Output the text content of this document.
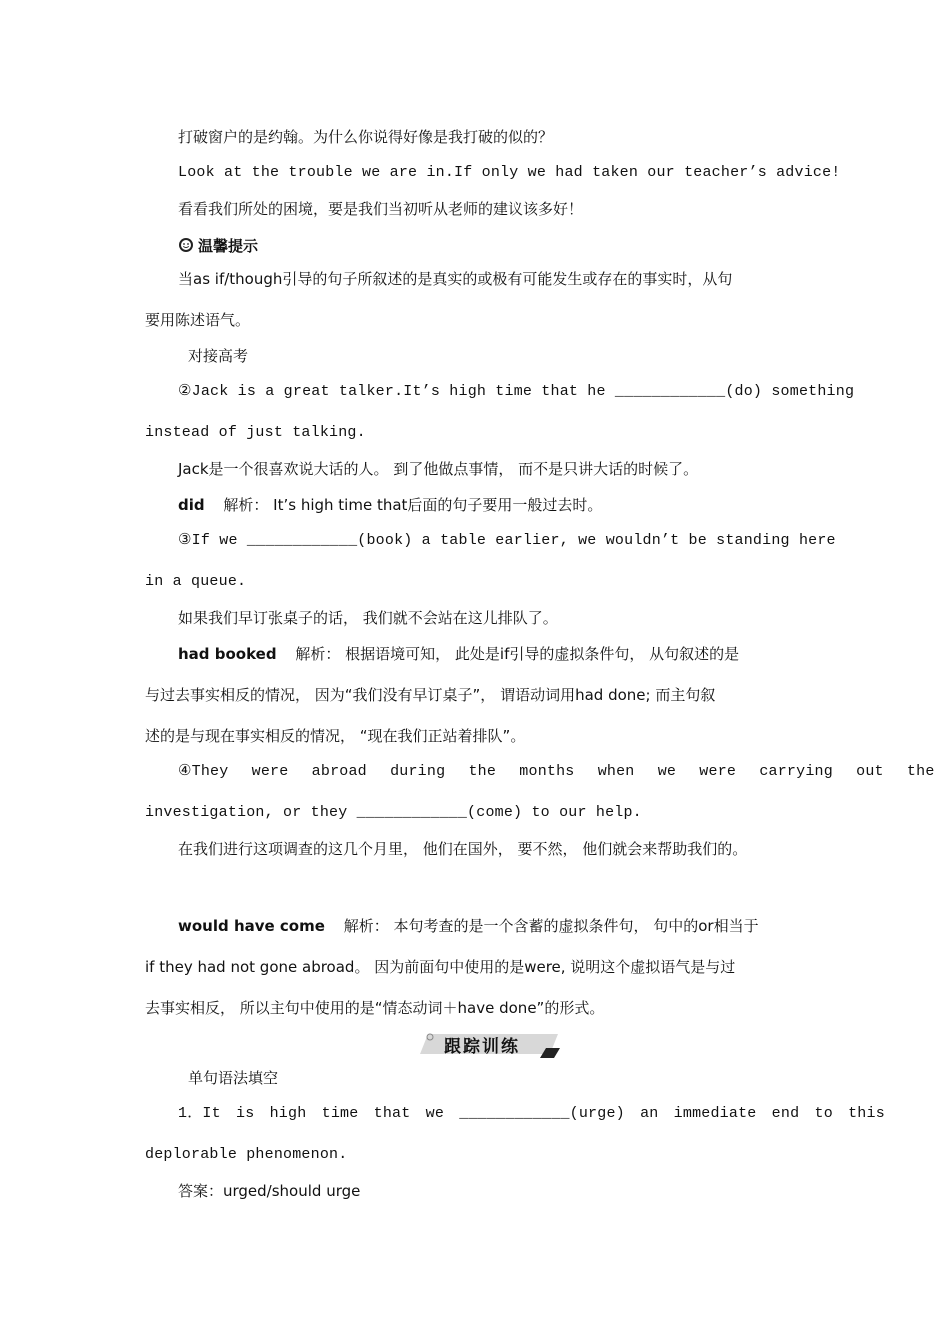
打破窗户的是约翰。为什么你说得好像是我打破的似的？
Look at the trouble we are in.If only we had taken our teacher’s advice!
看看我们所处的困境，要是我们当初听从老师的建议该多好！
温馨提示
当as if/though引导的句子所叙述的是真实的或极有可能发生或存在的事实时，从句
要用陈述语气。
对接高考
②Jack is a great talker.It’s high time that he ____________(do) something
instead of just talking.
Jack是一个很喜欢说大话的人。 到了他做点事情， 而不是只讲大话的时候了。
did 解析： It’s high time that后面的句子要用一般过去时。
③If we ____________(book) a table earlier, we wouldn’t be standing here
in a queue.
如果我们早订张桌子的话， 我们就不会站在这儿排队了。
had booked 解析： 根据语境可知， 此处是if引导的虚拟条件句， 从句叙述的是
与过去事实相反的情况， 因为“我们没有早订桌子”， 谓语动词用had done; 而主句叙
述的是与现在事实相反的情况， “现在我们正站着排队”。
④They were abroad during the months when we were carrying out the
investigation, or they ____________(come) to our help.
在我们进行这项调查的这几个月里， 他们在国外， 要不然， 他们就会来帮助我们的。
would have come 解析： 本句考查的是一个含蓄的虚拟条件句， 句中的or相当于
if they had not gone abroad。 因为前面句中使用的是were, 说明这个虚拟语气是与过
去事实相反， 所以主句中使用的是“情态动词＋have done”的形式。
跟踪训练
单句语法填空
1．It is high time that we ____________(urge) an immediate end to this
deplorable phenomenon.
答案：urged/should urge
